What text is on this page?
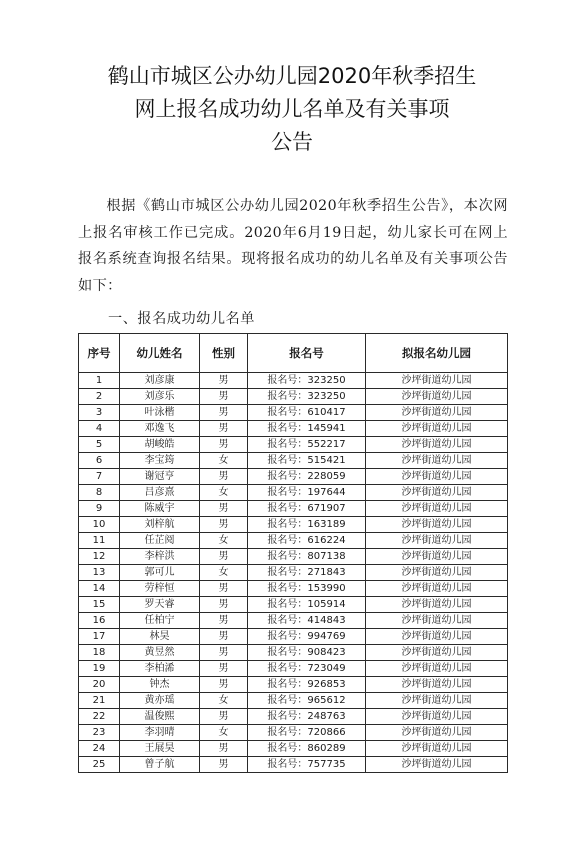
鹤山市城区公办幼儿园2020年秋季招生
网上报名成功幼儿名单及有关事项
公告

根据《鹤山市城区公办幼儿园2020年秋季招生公告》，本次网上报名审核工作已完成。2020年6月19日起，幼儿家长可在网上报名系统查询报名结果。现将报名成功的幼儿名单及有关事项公告如下：

一、报名成功幼儿名单
序号	幼儿姓名	性别	报名号	拟报名幼儿园
1	刘彦康	男	报名号：323250	沙坪街道幼儿园
2	刘彦乐	男	报名号：323250	沙坪街道幼儿园
3	叶泳楷	男	报名号：610417	沙坪街道幼儿园
4	邓逸飞	男	报名号：145941	沙坪街道幼儿园
5	胡峻皓	男	报名号：552217	沙坪街道幼儿园
6	李宝筠	女	报名号：515421	沙坪街道幼儿园
7	谢冠亨	男	报名号：228059	沙坪街道幼儿园
8	吕彦熹	女	报名号：197644	沙坪街道幼儿园
9	陈威宇	男	报名号：671907	沙坪街道幼儿园
10	刘梓航	男	报名号：163189	沙坪街道幼儿园
11	任芷阅	女	报名号：616224	沙坪街道幼儿园
12	李梓洪	男	报名号：807138	沙坪街道幼儿园
13	郭可儿	女	报名号：271843	沙坪街道幼儿园
14	劳梓恒	男	报名号：153990	沙坪街道幼儿园
15	罗天睿	男	报名号：105914	沙坪街道幼儿园
16	任柏宁	男	报名号：414843	沙坪街道幼儿园
17	林昊	男	报名号：994769	沙坪街道幼儿园
18	黄昱然	男	报名号：908423	沙坪街道幼儿园
19	李柏浠	男	报名号：723049	沙坪街道幼儿园
20	钟杰	男	报名号：926853	沙坪街道幼儿园
21	黄亦瑶	女	报名号：965612	沙坪街道幼儿园
22	温俊熙	男	报名号：248763	沙坪街道幼儿园
23	李羽晴	女	报名号：720866	沙坪街道幼儿园
24	王展昊	男	报名号：860289	沙坪街道幼儿园
25	曾子航	男	报名号：757735	沙坪街道幼儿园
